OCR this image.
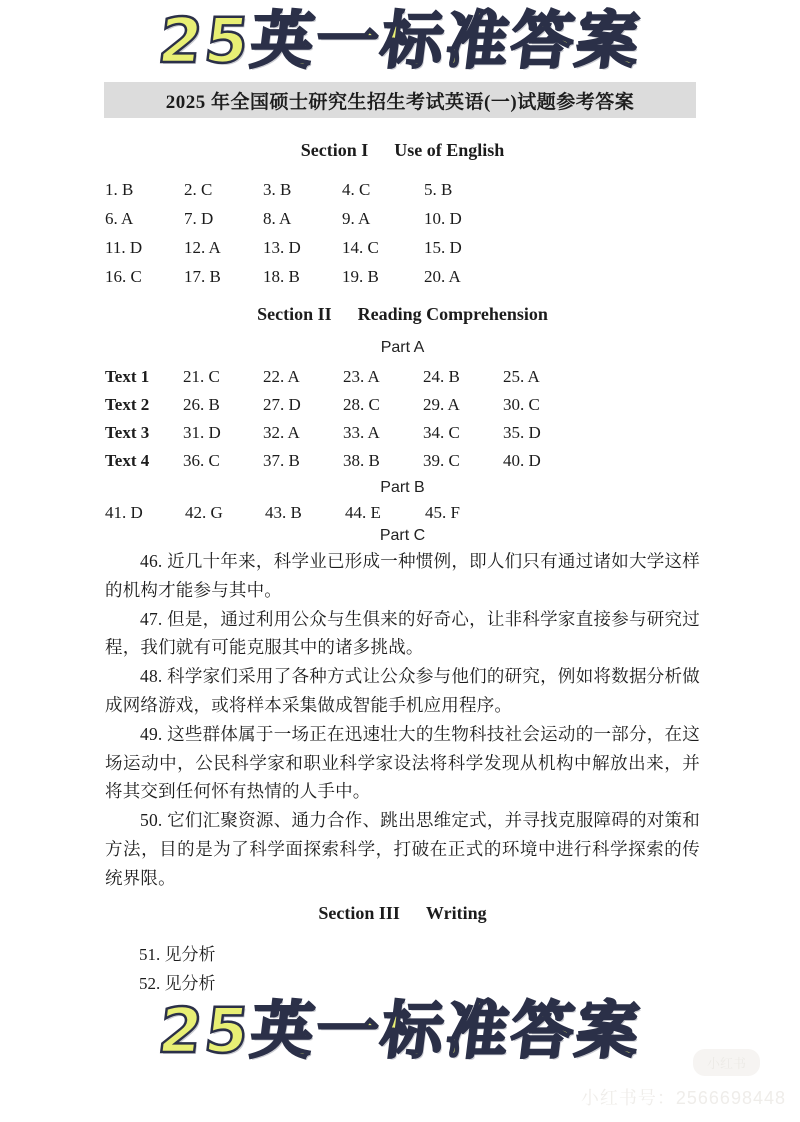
25英一标准答案
2025 年全国硕士研究生招生考试英语(一)试题参考答案
Section I Use of English
1. B	2. C	3. B	4. C	5. B
6. A	7. D	8. A	9. A	10. D
11. D	12. A	13. D	14. C	15. D
16. C	17. B	18. B	19. B	20. A
Section II Reading Comprehension
Part A
Text 1	21. C	22. A	23. A	24. B	25. A
Text 2	26. B	27. D	28. C	29. A	30. C
Text 3	31. D	32. A	33. A	34. C	35. D
Text 4	36. C	37. B	38. B	39. C	40. D
Part B
41. D	42. G	43. B	44. E	45. F
Part C

46. 近几十年来，科学业已形成一种惯例，即人们只有通过诸如大学这样的机构才能参与其中。

47. 但是，通过利用公众与生俱来的好奇心，让非科学家直接参与研究过程，我们就有可能克服其中的诸多挑战。

48. 科学家们采用了各种方式让公众参与他们的研究，例如将数据分析做成网络游戏，或将样本采集做成智能手机应用程序。

49. 这些群体属于一场正在迅速壮大的生物科技社会运动的一部分，在这场运动中，公民科学家和职业科学家设法将科学发现从机构中解放出来，并将其交到任何怀有热情的人手中。

50. 它们汇聚资源、通力合作、跳出思维定式，并寻找克服障碍的对策和方法，目的是为了科学面探索科学，打破在正式的环境中进行科学探索的传统界限。

Section III Writing
51. 见分析
52. 见分析
25英一标准答案	小红书
小红书号：2566698448
